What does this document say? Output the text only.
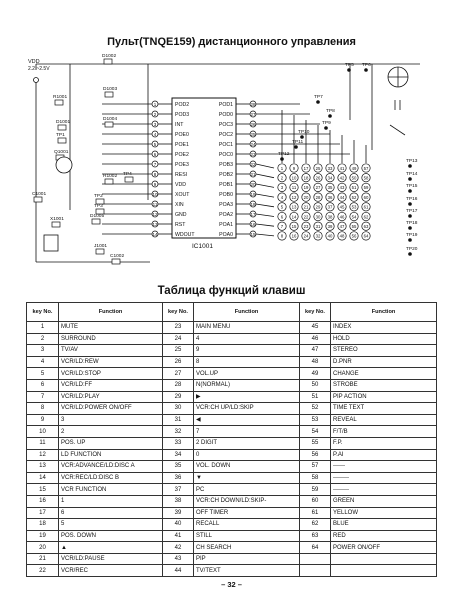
Пульт(TNQE159) дистанционного управления
IC1001
1	POD2
2	POD3
3	INT
4	POE0
5	POE1
6	POE2
7	POE3
8	RESI
9	VDD
10	XOUT
11	XIN
12	GND
13	RST
14	WDOUT
28
POD1
27
POD0
26
POC3
25
POC2
24
POC1
23
POC0
22
POB3
21
POB2
20
POB1
19
POB0
18
POA3
17
POA2
16
POA1
15
POA0
1 9 17 25 33 41 49 57
2 10 18 26 34 42 50 58
3 11 19 27 35 43 51 59
4 12 20 28 36 44 52 60
5 13 21 29 37 45 53 61
6 14 22 30 38 46 54 62
7 15 23 31 39 47 55 63
8 16 24 32 40 48 56 64
VDD
2.2 ~2.5V
D1002
R1001
D1003
D1004
D1001
TP1
Q1001
C1001	TP2
TP3
TP4
D1005
X1001
J1001
C1002
R1002
TP5 TP6
TP7
TP8
TP9
TP10
TP11
TP12
TP13
TP14
TP15
TP16
TP17
TP18
TP19
TP20
Таблица функций клавиш
key No.	Function	key No.	Function	key No.	Function
1	MUTE	23	MAIN MENU	45	INDEX
2	SURROUND	24	4	46	HOLD
3	TV/AV	25	9	47	STEREO
4	VCR/LD:REW	26	8	48	D.PNR
5	VCR/LD:STOP	27	VOL.UP	49	CHANGE
6	VCR/LD:FF	28	N(NORMAL)	50	STROBE
7	VCR/LD:PLAY	29	▶	51	PIP ACTION
8	VCR/LD:POWER ON/OFF	30	VCR:CH UP/LD:SKIP	52	TIME TEXT
9	3	31	◀	53	REVEAL
10	2	32	7	54	F/T/B
11	POS. UP	33	2 DIGIT	55	F.P.
12	LD FUNCTION	34	0	56	P.AI
13	VCR:ADVANCE/LD:DISC A	35	VOL. DOWN	57	------
14	VCR:REC/LD:DISC B	36	▼	58	--------
15	VCR FUNCTION	37	PC	59	--------
16	1	38	VCR:CH DOWN/LD:SKIP-	60	GREEN
17	6	39	OFF TIMER	61	YELLOW
18	5	40	RECALL	62	BLUE
19	POS. DOWN	41	STILL	63	RED
20	▲	42	CH SEARCH	64	POWER ON/OFF
21	VCR/LD:PAUSE	43	PIP		
22	VCR/REC	44	TV/TEXT		
– 32 –
